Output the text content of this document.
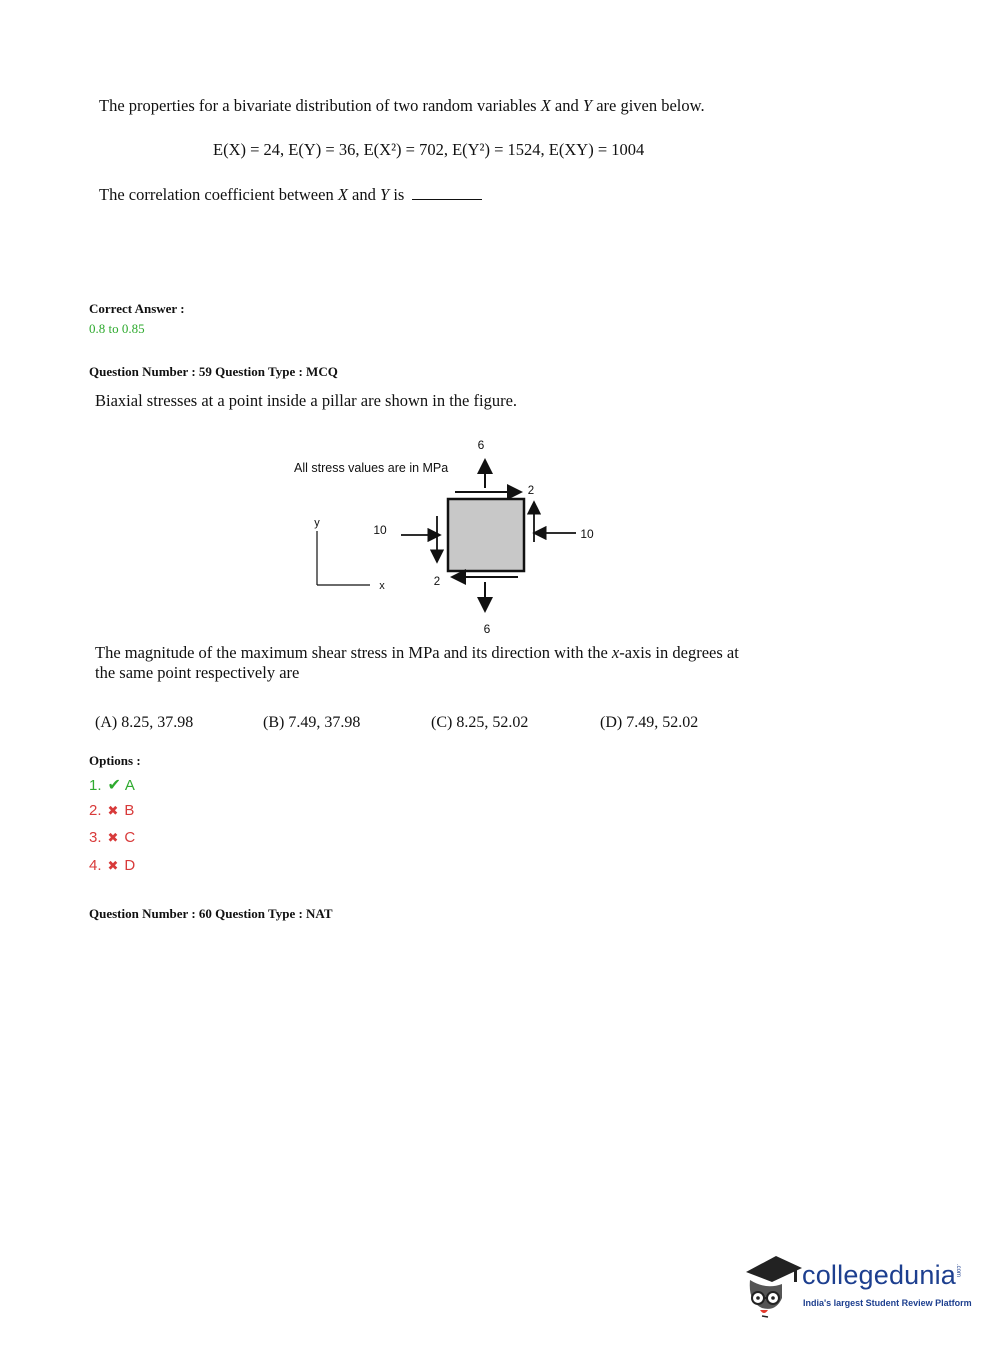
The properties for a bivariate distribution of two random variables X and Y are given below.
E(X) = 24, E(Y) = 36, E(X²) = 702, E(Y²) = 1524, E(XY) = 1004
The correlation coefficient between X and Y is
Correct Answer :
0.8 to 0.85
Question Number : 59 Question Type : MCQ
Biaxial stresses at a point inside a pillar are shown in the figure.
All stress values are in MPa
6
6
10	10
2
2
y
x
The magnitude of the maximum shear stress in MPa and its direction with the x-axis in degrees at
the same point respectively are
(A) 8.25, 37.98	(B) 7.49, 37.98	(C) 8.25, 52.02	(D) 7.49, 52.02
Options :
1. ✔ A
2. ✖ B
3. ✖ C
4. ✖ D
Question Number : 60 Question Type : NAT
collegedunia
.com
India's largest Student Review Platform
